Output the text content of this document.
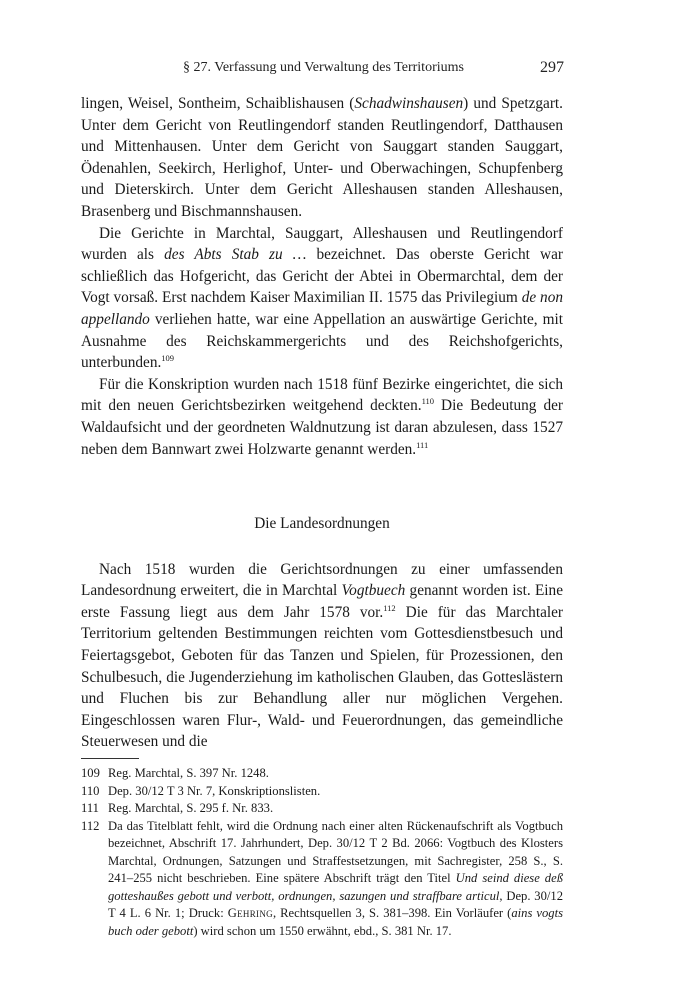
§ 27. Verfassung und Verwaltung des Territoriums	297

lingen, Weisel, Sontheim, Schaiblishausen (Schadwinshausen) und Spetzgart. Unter dem Gericht von Reutlingendorf standen Reutlingendorf, Datthausen und Mittenhausen. Unter dem Gericht von Sauggart standen Sauggart, Ödenahlen, Seekirch, Herlighof, Unter- und Oberwachingen, Schupfenberg und Dieterskirch. Unter dem Gericht Alleshausen standen Alleshausen, Brasenberg und Bischmannshausen.

Die Gerichte in Marchtal, Sauggart, Alleshausen und Reutlingendorf wurden als des Abts Stab zu … bezeichnet. Das oberste Gericht war schließlich das Hofgericht, das Gericht der Abtei in Obermarchtal, dem der Vogt vorsaß. Erst nachdem Kaiser Maximilian II. 1575 das Privilegium de non appellando verliehen hatte, war eine Appellation an auswärtige Gerichte, mit Ausnahme des Reichskammergerichts und des Reichshofgerichts, unterbunden.$^{109}$

Für die Konskription wurden nach 1518 fünf Bezirke eingerichtet, die sich mit den neuen Gerichtsbezirken weitgehend deckten.$^{110}$ Die Bedeutung der Waldaufsicht und der geordneten Waldnutzung ist daran abzulesen, dass 1527 neben dem Bannwart zwei Holzwarte genannt werden.$^{111}$

Die Landesordnungen

Nach 1518 wurden die Gerichtsordnungen zu einer umfassenden Landesordnung erweitert, die in Marchtal Vogtbuech genannt worden ist. Eine erste Fassung liegt aus dem Jahr 1578 vor.$^{112}$ Die für das Marchtaler Territorium geltenden Bestimmungen reichten vom Gottesdienstbesuch und Feiertagsgebot, Geboten für das Tanzen und Spielen, für Prozessionen, den Schulbesuch, die Jugenderziehung im katholischen Glauben, das Gotteslästern und Fluchen bis zur Behandlung aller nur möglichen Vergehen. Eingeschlossen waren Flur-, Wald- und Feuerordnungen, das gemeindliche Steuerwesen und die

109 Reg. Marchtal, S. 397 Nr. 1248.
110 Dep. 30/12 T 3 Nr. 7, Konskriptionslisten.
111 Reg. Marchtal, S. 295 f. Nr. 833.
112 Da das Titelblatt fehlt, wird die Ordnung nach einer alten Rückenaufschrift als Vogtbuch bezeichnet, Abschrift 17. Jahrhundert, Dep. 30/12 T 2 Bd. 2066: Vogtbuch des Klosters Marchtal, Ordnungen, Satzungen und Straffestsetzungen, mit Sachregister, 258 S., S. 241–255 nicht beschrieben. Eine spätere Abschrift trägt den Titel Und seind diese deß gotteshaußes gebott und verbott, ordnungen, sazungen und straffbare articul, Dep. 30/12 T 4 L. 6 Nr. 1; Druck: Gehring, Rechtsquellen 3, S. 381–398. Ein Vorläufer (ains vogts buch oder gebott) wird schon um 1550 erwähnt, ebd., S. 381 Nr. 17.
